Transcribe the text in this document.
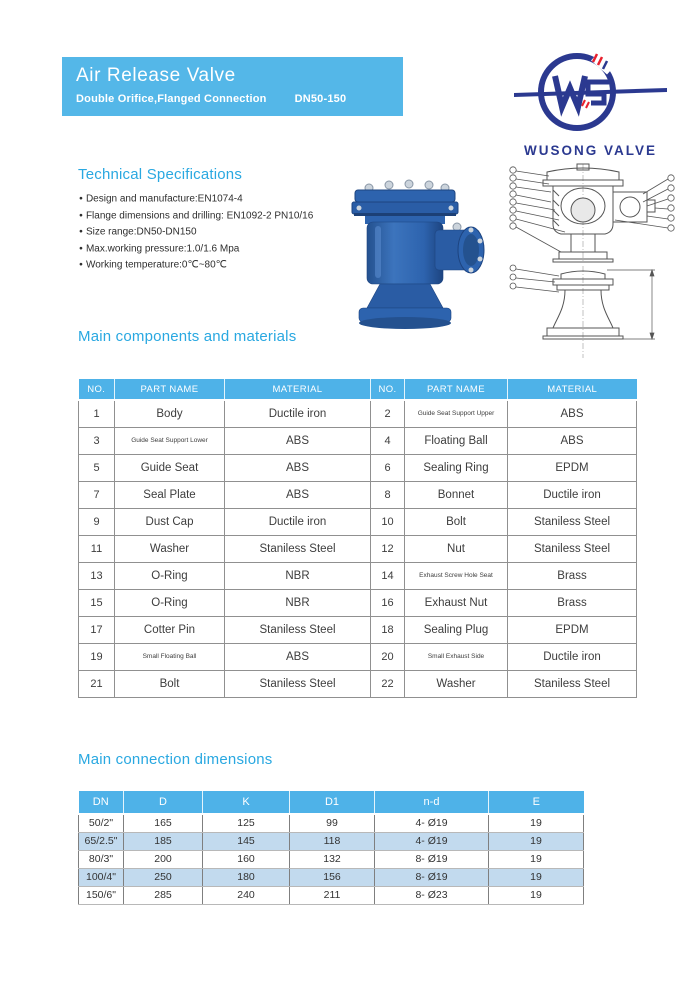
Air Release Valve
Double Orifice,Flanged Connection	DN50-150
WUSONG VALVE
Technical Specifications
● Design and manufacture:EN1074-4
● Flange dimensions and drilling: EN1092-2 PN10/16
● Size range:DN50-DN150
● Max.working pressure:1.0/1.6 Mpa
● Working temperature:0℃~80℃
Main components and materials
NO.	PART NAME	MATERIAL	NO.	PART NAME	MATERIAL
1	Body	Ductile iron	2	Guide Seat Support Upper	ABS
3	Guide Seat Support Lower	ABS	4	Floating Ball	ABS
5	Guide Seat	ABS	6	Sealing Ring	EPDM
7	Seal Plate	ABS	8	Bonnet	Ductile iron
9	Dust Cap	Ductile iron	10	Bolt	Staniless Steel
11	Washer	Staniless Steel	12	Nut	Staniless Steel
13	O-Ring	NBR	14	Exhaust Screw Hole Seat	Brass
15	O-Ring	NBR	16	Exhaust Nut	Brass
17	Cotter Pin	Staniless Steel	18	Sealing Plug	EPDM
19	Small Floating Ball	ABS	20	Small Exhaust Side	Ductile iron
21	Bolt	Staniless Steel	22	Washer	Staniless Steel
Main connection dimensions
DN	D	K	D1	n-d	E
50/2"	165	125	99	4- Ø19	19
65/2.5"	185	145	118	4- Ø19	19
80/3"	200	160	132	8- Ø19	19
100/4"	250	180	156	8- Ø19	19
150/6"	285	240	211	8- Ø23	19
